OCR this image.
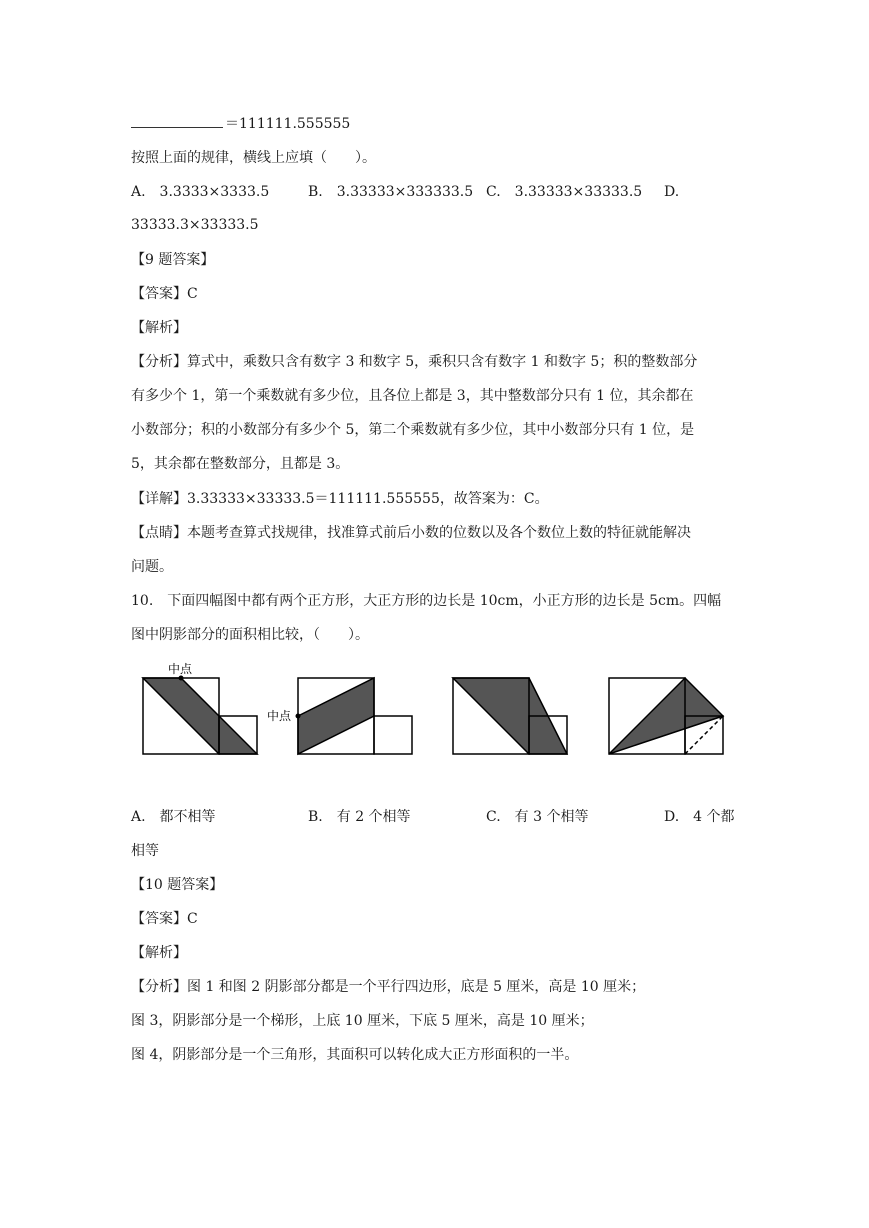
＝111111.555555
按照上面的规律，横线上应填（　　）。
A.　3.3333×3333.5	B.　3.33333×333333.5 C.　3.33333×33333.5 D.
33333.3×33333.5
【9 题答案】
【答案】C
【解析】
【分析】算式中，乘数只含有数字 3 和数字 5，乘积只含有数字 1 和数字 5；积的整数部分
有多少个 1，第一个乘数就有多少位，且各位上都是 3，其中整数部分只有 1 位，其余都在
小数部分；积的小数部分有多少个 5，第二个乘数就有多少位，其中小数部分只有 1 位，是
5，其余都在整数部分，且都是 3。
【详解】3.33333×33333.5＝111111.555555，故答案为：C。
【点睛】本题考查算式找规律，找准算式前后小数的位数以及各个数位上数的特征就能解决
问题。
10.　下面四幅图中都有两个正方形，大正方形的边长是 10cm，小正方形的边长是 5cm。四幅
图中阴影部分的面积相比较，（　　）。
中点
中点
A.　都不相等	B.　有 2 个相等	C.　有 3 个相等	D.　4 个都
相等
【10 题答案】
【答案】C
【解析】
【分析】图 1 和图 2 阴影部分都是一个平行四边形，底是 5 厘米，高是 10 厘米；
图 3，阴影部分是一个梯形，上底 10 厘米，下底 5 厘米，高是 10 厘米；
图 4，阴影部分是一个三角形，其面积可以转化成大正方形面积的一半。
